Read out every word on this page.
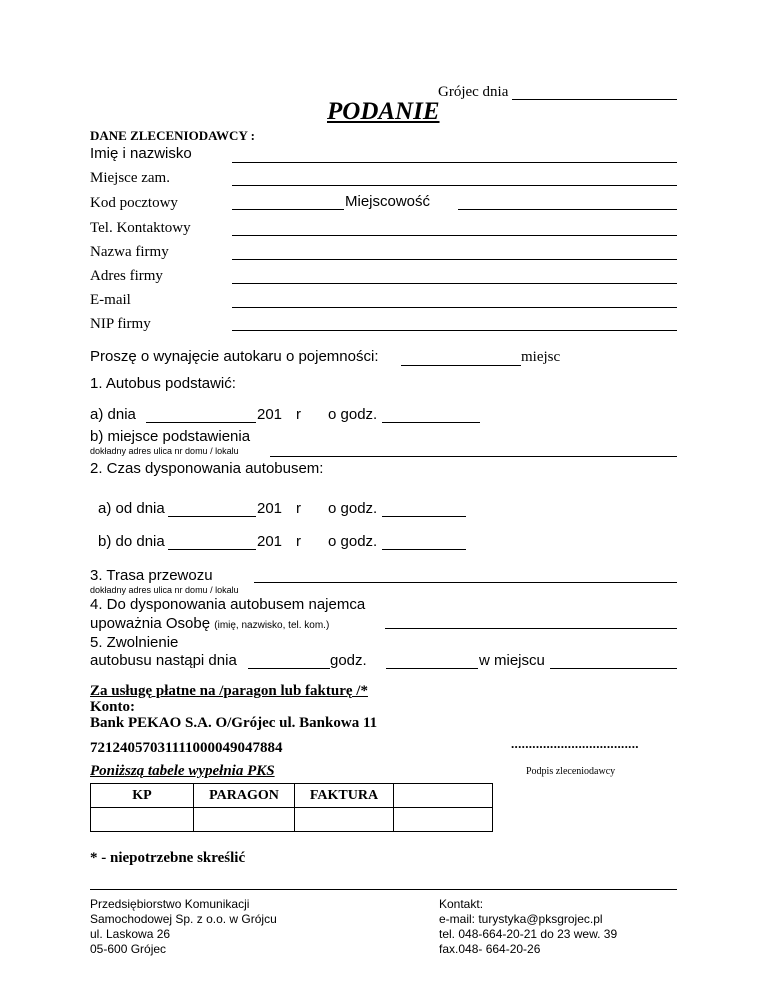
Grójec dnia
PODANIE
DANE ZLECENIODAWCY :
Imię i nazwisko
Miejsce zam.
Kod pocztowy	Miejscowość
Tel. Kontaktowy
Nazwa firmy
Adres firmy
E-mail
NIP firmy
Proszę o wynajęcie autokaru o pojemności:	miejsc
1. Autobus podstawić:
a) dnia	201 r o godz.
b) miejsce podstawienia
dokładny adres ulica nr domu / lokalu
2. Czas dysponowania autobusem:
a) od dnia	201 r o godz.
b) do dnia	201 r o godz.
3. Trasa przewozu
dokładny adres ulica nr domu / lokalu
4. Do dysponowania autobusem najemca
upoważnia Osobę (imię, nazwisko, tel. kom.)
5. Zwolnienie
autobusu nastąpi dnia	godz.	w miejscu
Za usługę płatne na /paragon lub fakturę /*
Konto:
Bank PEKAO S.A. O/Grójec ul. Bankowa 11
72124057031111000049047884	....................................
Podpis zleceniodawcy
Poniższą tabele wypełnia PKS
KP	PARAGON	FAKTURA	

* - niepotrzebne skreślić
Przedsiębiorstwo Komunikacji
Samochodowej Sp. z o.o. w Grójcu
ul. Laskowa 26
05-600 Grójec
Kontakt:
e-mail: turystyka@pksgrojec.pl
tel. 048-664-20-21 do 23 wew. 39
fax.048- 664-20-26
